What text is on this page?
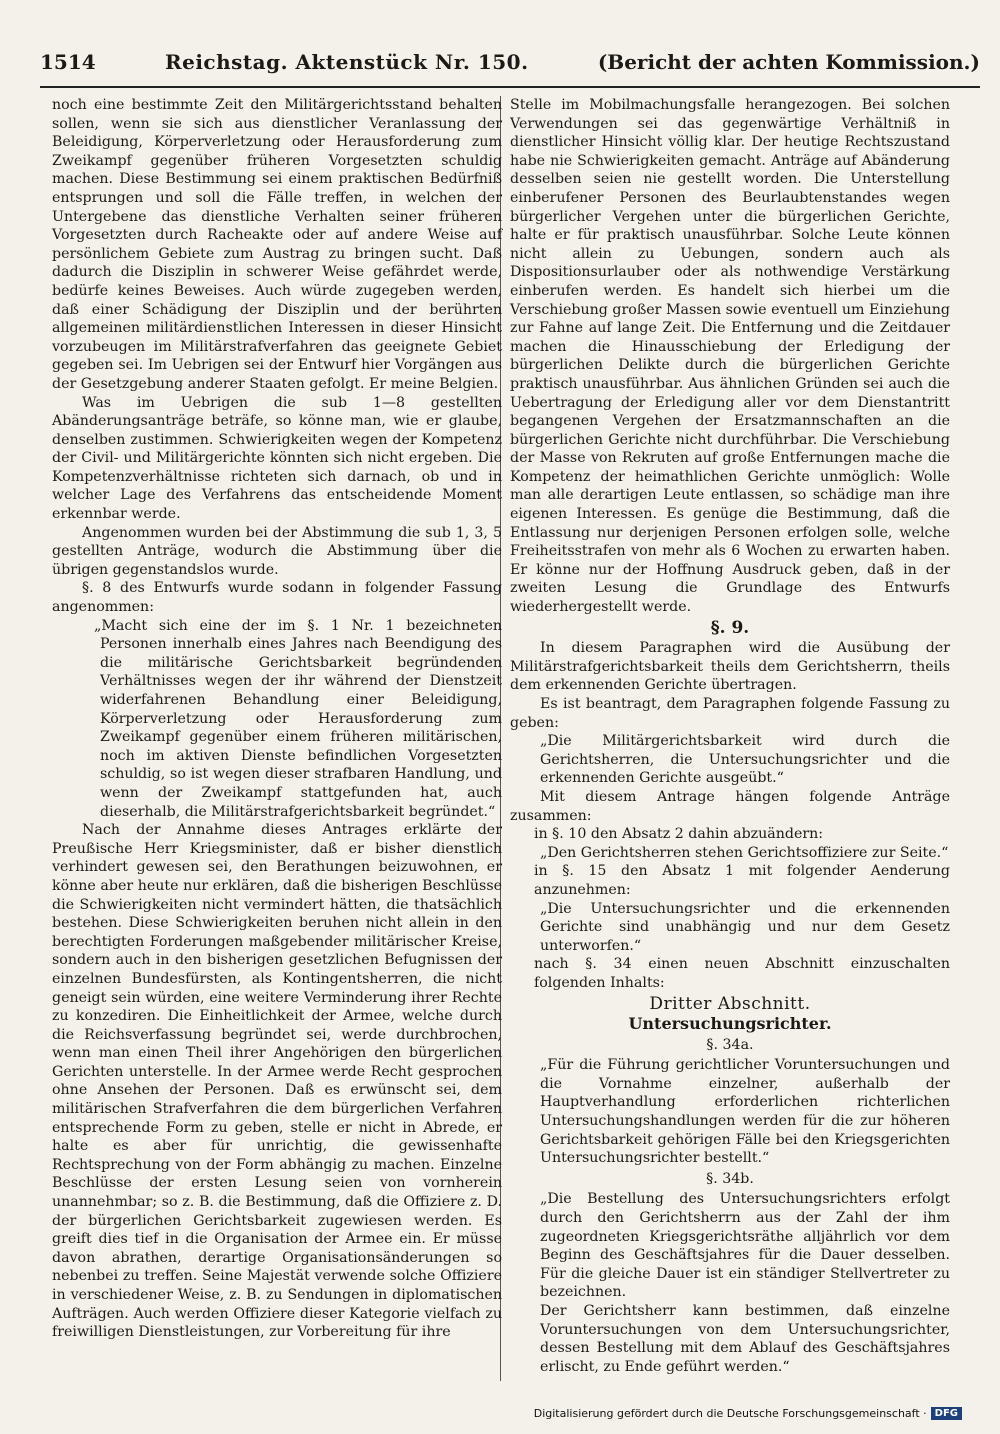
1514	Reichstag. Aktenstück Nr. 150.	(Bericht der achten Kommission.)

noch eine bestimmte Zeit den Militärgerichtsstand behalten sollen, wenn sie sich aus dienstlicher Veranlassung der Beleidigung, Körperverletzung oder Herausforderung zum Zweikampf gegenüber früheren Vorgesetzten schuldig machen. Diese Bestimmung sei einem praktischen Bedürfniß entsprungen und soll die Fälle treffen, in welchen der Untergebene das dienstliche Verhalten seiner früheren Vorgesetzten durch Racheakte oder auf andere Weise auf persönlichem Gebiete zum Austrag zu bringen sucht. Daß dadurch die Disziplin in schwerer Weise gefährdet werde, bedürfe keines Beweises. Auch würde zugegeben werden, daß einer Schädigung der Disziplin und der berührten allgemeinen militärdienstlichen Interessen in dieser Hinsicht vorzubeugen im Militärstrafverfahren das geeignete Gebiet gegeben sei. Im Uebrigen sei der Entwurf hier Vorgängen aus der Gesetzgebung anderer Staaten gefolgt. Er meine Belgien.

Was im Uebrigen die sub 1—8 gestellten Abänderungsanträge beträfe, so könne man, wie er glaube, denselben zustimmen. Schwierigkeiten wegen der Kompetenz der Civil- und Militärgerichte könnten sich nicht ergeben. Die Kompetenzverhältnisse richteten sich darnach, ob und in welcher Lage des Verfahrens das entscheidende Moment erkennbar werde.

Angenommen wurden bei der Abstimmung die sub 1, 3, 5 gestellten Anträge, wodurch die Abstimmung über die übrigen gegenstandslos wurde.

§. 8 des Entwurfs wurde sodann in folgender Fassung angenommen:

„Macht sich eine der im §. 1 Nr. 1 bezeichneten Personen innerhalb eines Jahres nach Beendigung des die militärische Gerichtsbarkeit begründenden Verhältnisses wegen der ihr während der Dienstzeit widerfahrenen Behandlung einer Beleidigung, Körperverletzung oder Herausforderung zum Zweikampf gegenüber einem früheren militärischen, noch im aktiven Dienste befindlichen Vorgesetzten schuldig, so ist wegen dieser strafbaren Handlung, und wenn der Zweikampf stattgefunden hat, auch dieserhalb, die Militärstrafgerichtsbarkeit begründet.“

Nach der Annahme dieses Antrages erklärte der Preußische Herr Kriegsminister, daß er bisher dienstlich verhindert gewesen sei, den Berathungen beizuwohnen, er könne aber heute nur erklären, daß die bisherigen Beschlüsse die Schwierigkeiten nicht vermindert hätten, die thatsächlich bestehen. Diese Schwierigkeiten beruhen nicht allein in den berechtigten Forderungen maßgebender militärischer Kreise, sondern auch in den bisherigen gesetzlichen Befugnissen der einzelnen Bundesfürsten, als Kontingentsherren, die nicht geneigt sein würden, eine weitere Verminderung ihrer Rechte zu konzediren. Die Einheitlichkeit der Armee, welche durch die Reichsverfassung begründet sei, werde durchbrochen, wenn man einen Theil ihrer Angehörigen den bürgerlichen Gerichten unterstelle. In der Armee werde Recht gesprochen ohne Ansehen der Personen. Daß es erwünscht sei, dem militärischen Strafverfahren die dem bürgerlichen Verfahren entsprechende Form zu geben, stelle er nicht in Abrede, er halte es aber für unrichtig, die gewissenhafte Rechtsprechung von der Form abhängig zu machen. Einzelne Beschlüsse der ersten Lesung seien von vornherein unannehmbar; so z. B. die Bestimmung, daß die Offiziere z. D. der bürgerlichen Gerichtsbarkeit zugewiesen werden. Es greift dies tief in die Organisation der Armee ein. Er müsse davon abrathen, derartige Organisationsänderungen so nebenbei zu treffen. Seine Majestät verwende solche Offiziere in verschiedener Weise, z. B. zu Sendungen in diplomatischen Aufträgen. Auch werden Offiziere dieser Kategorie vielfach zu freiwilligen Dienstleistungen, zur Vorbereitung für ihre

Stelle im Mobilmachungsfalle herangezogen. Bei solchen Verwendungen sei das gegenwärtige Verhältniß in dienstlicher Hinsicht völlig klar. Der heutige Rechtszustand habe nie Schwierigkeiten gemacht. Anträge auf Abänderung desselben seien nie gestellt worden. Die Unterstellung einberufener Personen des Beurlaubtenstandes wegen bürgerlicher Vergehen unter die bürgerlichen Gerichte, halte er für praktisch unausführbar. Solche Leute können nicht allein zu Uebungen, sondern auch als Dispositionsurlauber oder als nothwendige Verstärkung einberufen werden. Es handelt sich hierbei um die Verschiebung großer Massen sowie eventuell um Einziehung zur Fahne auf lange Zeit. Die Entfernung und die Zeitdauer machen die Hinausschiebung der Erledigung der bürgerlichen Delikte durch die bürgerlichen Gerichte praktisch unausführbar. Aus ähnlichen Gründen sei auch die Uebertragung der Erledigung aller vor dem Dienstantritt begangenen Vergehen der Ersatzmannschaften an die bürgerlichen Gerichte nicht durchführbar. Die Verschiebung der Masse von Rekruten auf große Entfernungen mache die Kompetenz der heimathlichen Gerichte unmöglich: Wolle man alle derartigen Leute entlassen, so schädige man ihre eigenen Interessen. Es genüge die Bestimmung, daß die Entlassung nur derjenigen Personen erfolgen solle, welche Freiheitsstrafen von mehr als 6 Wochen zu erwarten haben. Er könne nur der Hoffnung Ausdruck geben, daß in der zweiten Lesung die Grundlage des Entwurfs wiederhergestellt werde.

§. 9.

In diesem Paragraphen wird die Ausübung der Militärstrafgerichtsbarkeit theils dem Gerichtsherrn, theils dem erkennenden Gerichte übertragen.

Es ist beantragt, dem Paragraphen folgende Fassung zu geben:

„Die Militärgerichtsbarkeit wird durch die Gerichtsherren, die Untersuchungsrichter und die erkennenden Gerichte ausgeübt.“

Mit diesem Antrage hängen folgende Anträge zusammen:

in §. 10 den Absatz 2 dahin abzuändern:

„Den Gerichtsherren stehen Gerichtsoffiziere zur Seite.“

in §. 15 den Absatz 1 mit folgender Aenderung anzunehmen:

„Die Untersuchungsrichter und die erkennenden Gerichte sind unabhängig und nur dem Gesetz unterworfen.“

nach §. 34 einen neuen Abschnitt einzuschalten folgenden Inhalts:

Dritter Abschnitt.

Untersuchungsrichter.

§. 34a.

„Für die Führung gerichtlicher Voruntersuchungen und die Vornahme einzelner, außerhalb der Hauptverhandlung erforderlichen richterlichen Untersuchungshandlungen werden für die zur höheren Gerichtsbarkeit gehörigen Fälle bei den Kriegsgerichten Untersuchungsrichter bestellt.“

§. 34b.

„Die Bestellung des Untersuchungsrichters erfolgt durch den Gerichtsherrn aus der Zahl der ihm zugeordneten Kriegsgerichtsräthe alljährlich vor dem Beginn des Geschäftsjahres für die Dauer desselben. Für die gleiche Dauer ist ein ständiger Stellvertreter zu bezeichnen.

Der Gerichtsherr kann bestimmen, daß einzelne Voruntersuchungen von dem Untersuchungsrichter, dessen Bestellung mit dem Ablauf des Geschäftsjahres erlischt, zu Ende geführt werden.“

Digitalisierung gefördert durch die Deutsche Forschungsgemeinschaft · DFG
